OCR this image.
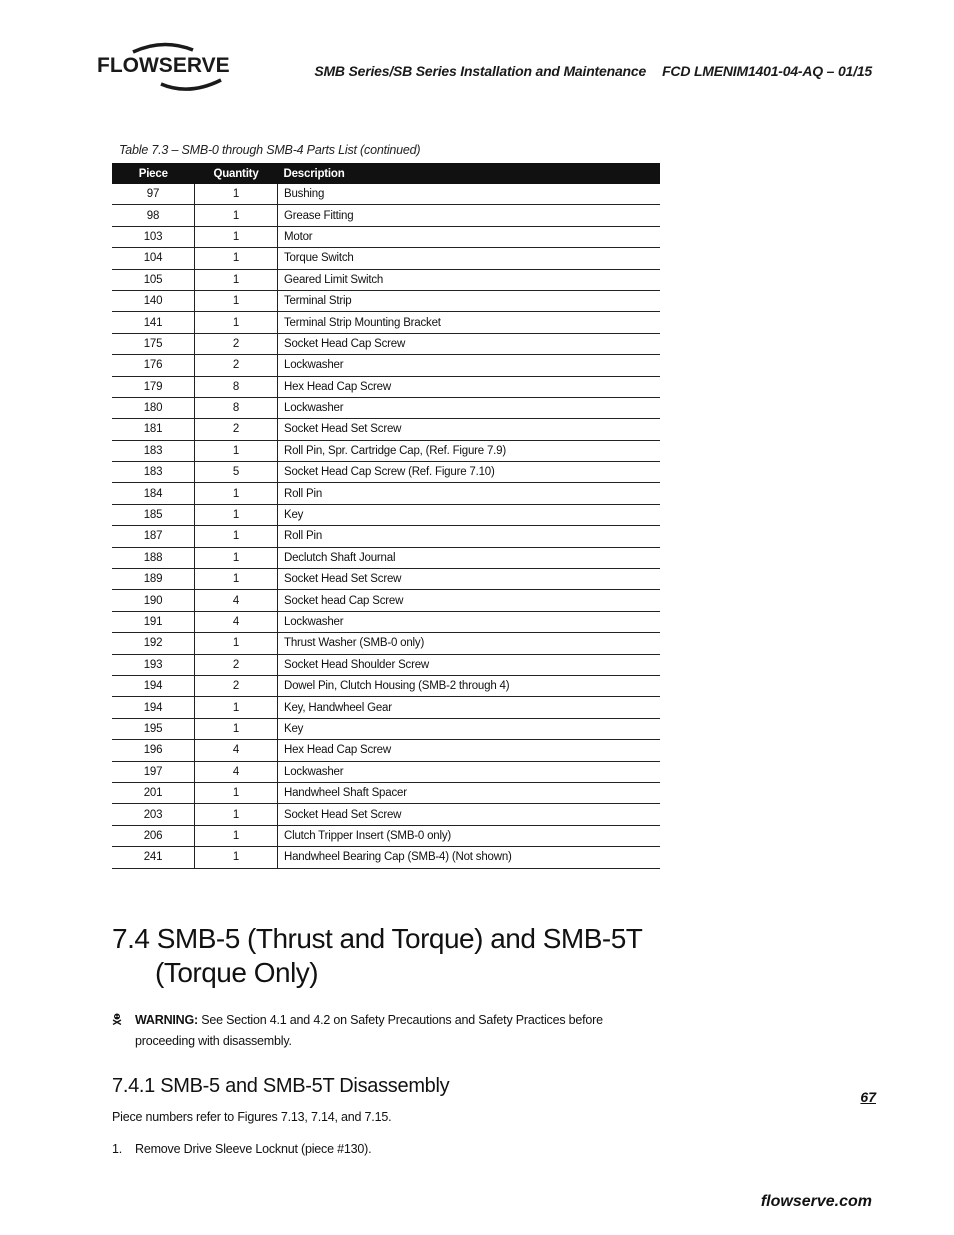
FLOWSERVE	SMB Series/SB Series Installation and Maintenance FCD LMENIM1401-04-AQ – 01/15
Table 7.3 – SMB-0 through SMB-4 Parts List (continued)
Piece	Quantity	Description
97	1	Bushing
98	1	Grease Fitting
103	1	Motor
104	1	Torque Switch
105	1	Geared Limit Switch
140	1	Terminal Strip
141	1	Terminal Strip Mounting Bracket
175	2	Socket Head Cap Screw
176	2	Lockwasher
179	8	Hex Head Cap Screw
180	8	Lockwasher
181	2	Socket Head Set Screw
183	1	Roll Pin, Spr. Cartridge Cap, (Ref. Figure 7.9)
183	5	Socket Head Cap Screw (Ref. Figure 7.10)
184	1	Roll Pin
185	1	Key
187	1	Roll Pin
188	1	Declutch Shaft Journal
189	1	Socket Head Set Screw
190	4	Socket head Cap Screw
191	4	Lockwasher
192	1	Thrust Washer (SMB-0 only)
193	2	Socket Head Shoulder Screw
194	2	Dowel Pin, Clutch Housing (SMB-2 through 4)
194	1	Key, Handwheel Gear
195	1	Key
196	4	Hex Head Cap Screw
197	4	Lockwasher
201	1	Handwheel Shaft Spacer
203	1	Socket Head Set Screw
206	1	Clutch Tripper Insert (SMB-0 only)
241	1	Handwheel Bearing Cap (SMB-4) (Not shown)
7.4 SMB-5 (Thrust and Torque) and SMB-5T
(Torque Only)
WARNING: See Section 4.1 and 4.2 on Safety Precautions and Safety Practices before proceeding with disassembly.
7.4.1 SMB-5 and SMB-5T Disassembly	67
Piece numbers refer to Figures 7.13, 7.14, and 7.15.
1. Remove Drive Sleeve Locknut (piece #130).
flowserve.com
